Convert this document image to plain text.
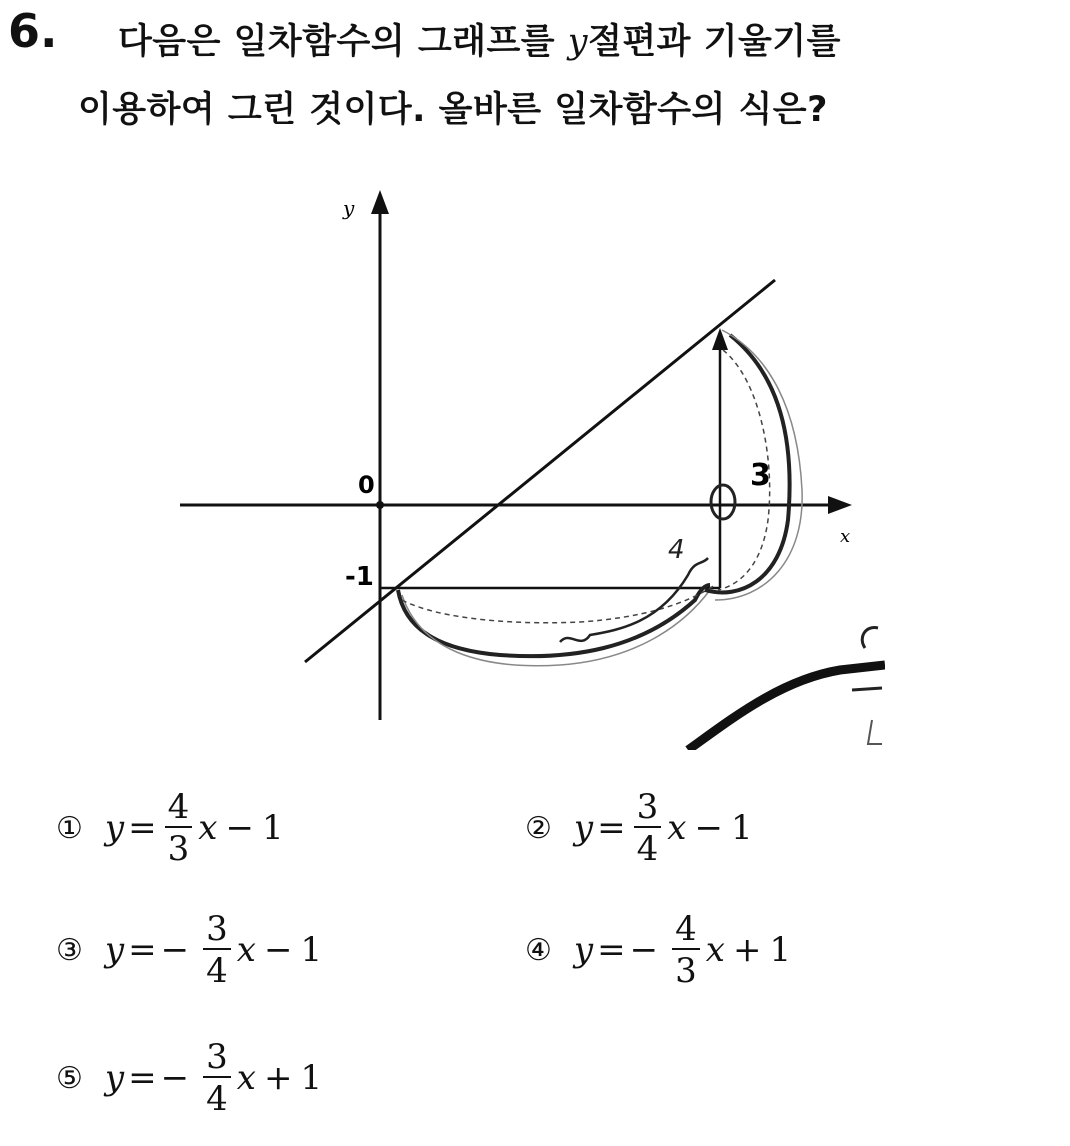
6. 다음은 일차함수의 그래프를 y절편과 기울기를
이용하여 그린 것이다. 올바른 일차함수의 식은?
y
x
0
-1
3
4
① $y = \frac{4}{3}$ x − 1	② $y = \frac{3}{4}$ x − 1
③ y = − $\frac{3}{4}$ x − 1	④ y = − $\frac{4}{3}$ x + 1
⑤ y = − $\frac{3}{4}$ x + 1
